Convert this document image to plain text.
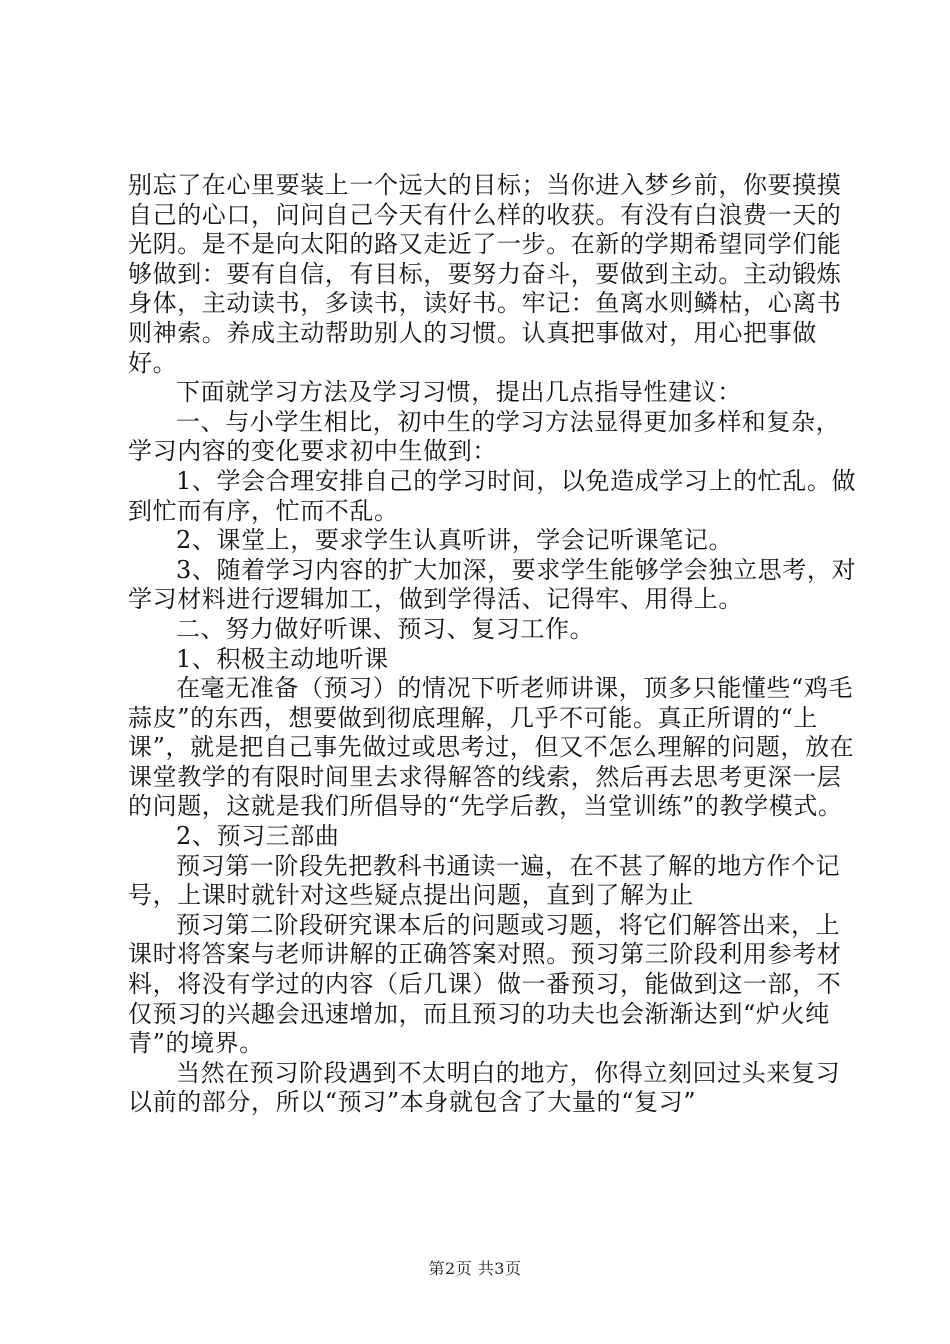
别忘了在心里要装上一个远大的目标；当你进入梦乡前，你要摸摸自己的心口，问问自己今天有什么样的收获。有没有白浪费一天的光阴。是不是向太阳的路又走近了一步。在新的学期希望同学们能够做到：要有自信，有目标，要努力奋斗，要做到主动。主动锻炼身体，主动读书，多读书，读好书。牢记：鱼离水则鳞枯，心离书则神索。养成主动帮助别人的习惯。认真把事做对，用心把事做好。

下面就学习方法及学习习惯，提出几点指导性建议：

一、与小学生相比，初中生的学习方法显得更加多样和复杂，学习内容的变化要求初中生做到：

1、学会合理安排自己的学习时间，以免造成学习上的忙乱。做到忙而有序，忙而不乱。

2、课堂上，要求学生认真听讲，学会记听课笔记。

3、随着学习内容的扩大加深，要求学生能够学会独立思考，对学习材料进行逻辑加工，做到学得活、记得牢、用得上。

二、努力做好听课、预习、复习工作。

1、积极主动地听课

在毫无准备（预习）的情况下听老师讲课，顶多只能懂些“鸡毛蒜皮”的东西，想要做到彻底理解，几乎不可能。真正所谓的“上课”，就是把自己事先做过或思考过，但又不怎么理解的问题，放在课堂教学的有限时间里去求得解答的线索，然后再去思考更深一层的问题，这就是我们所倡导的“先学后教，当堂训练”的教学模式。

2、预习三部曲

预习第一阶段先把教科书通读一遍，在不甚了解的地方作个记号，上课时就针对这些疑点提出问题，直到了解为止

预习第二阶段研究课本后的问题或习题，将它们解答出来，上课时将答案与老师讲解的正确答案对照。预习第三阶段利用参考材料，将没有学过的内容（后几课）做一番预习，能做到这一部，不仅预习的兴趣会迅速增加，而且预习的功夫也会渐渐达到“炉火纯青”的境界。

当然在预习阶段遇到不太明白的地方，你得立刻回过头来复习以前的部分，所以“预习”本身就包含了大量的“复习”

第2页 共3页
